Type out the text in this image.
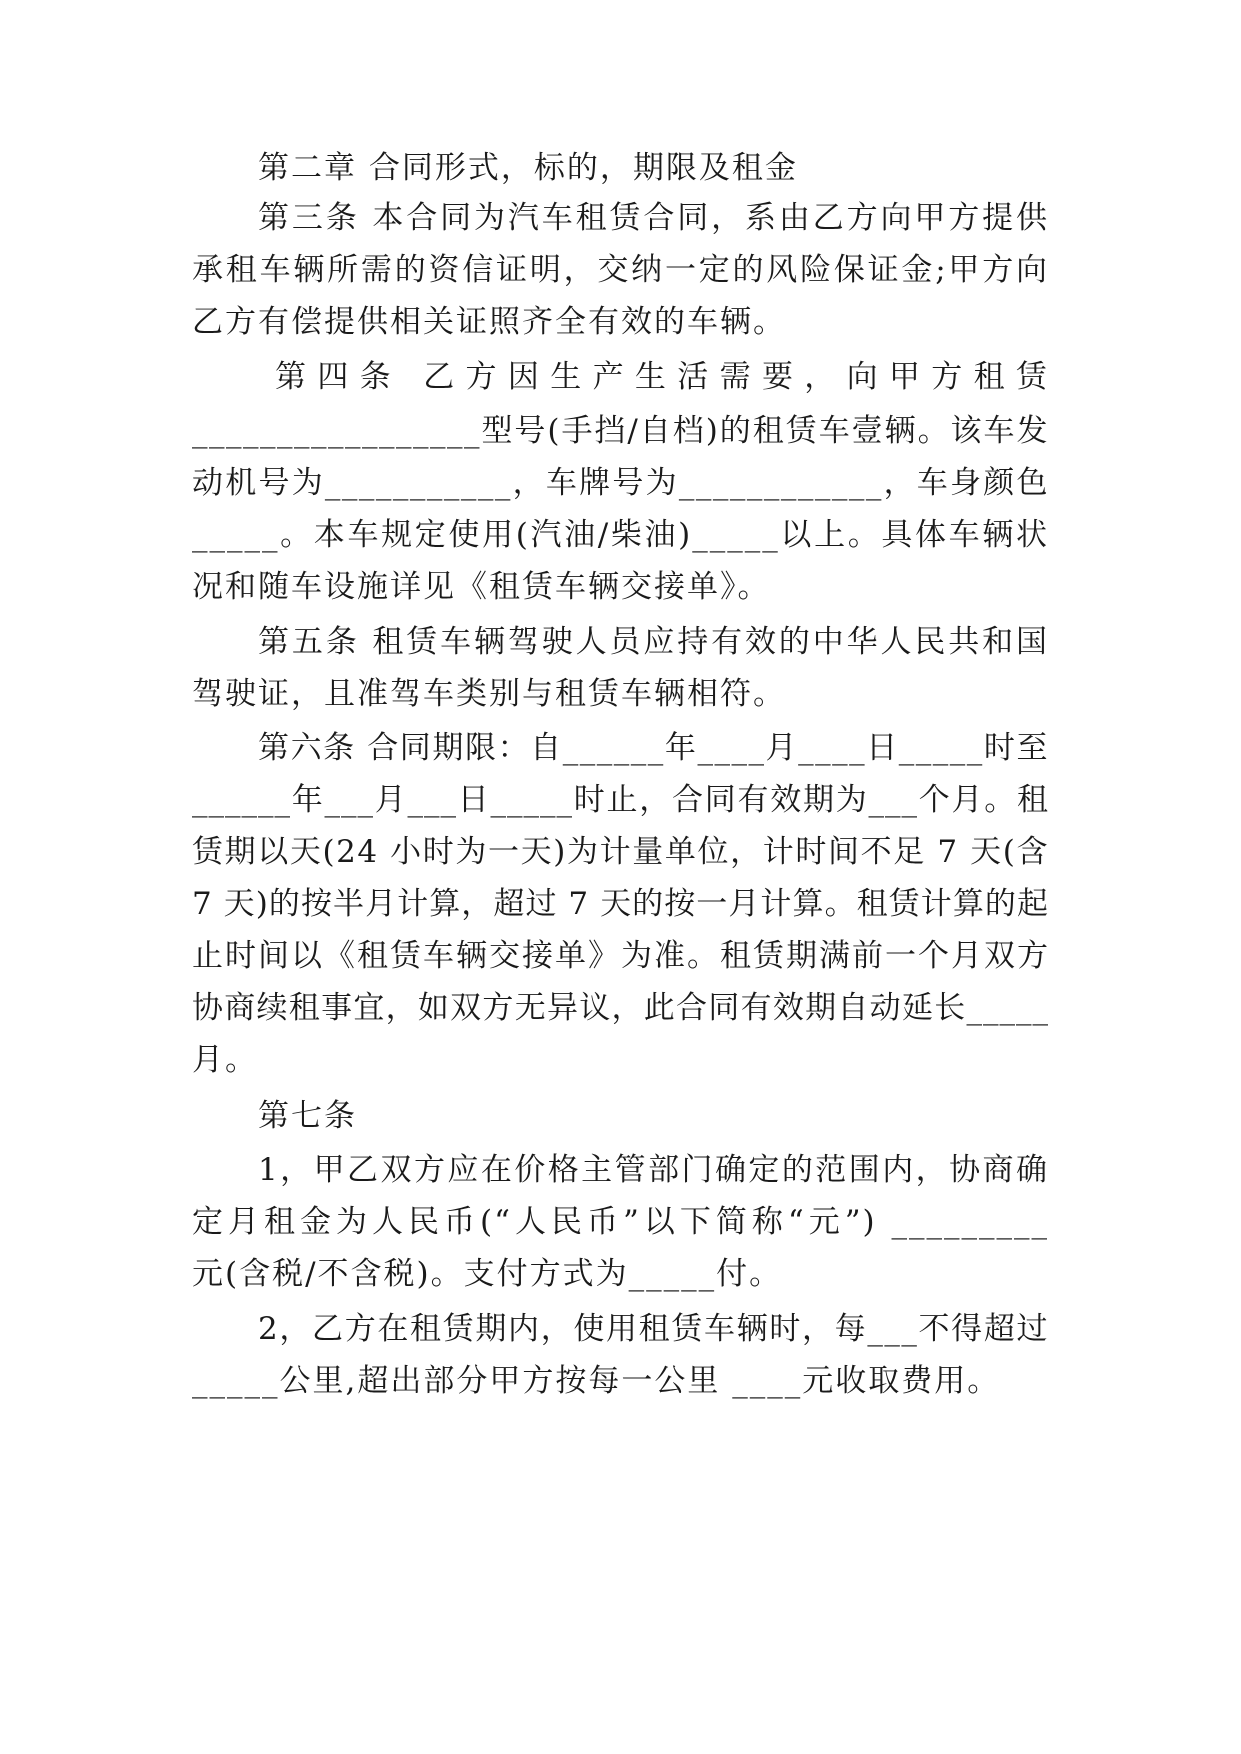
第二章 合同形式，标的，期限及租金
第三条 本合同为汽车租赁合同，系由乙方向甲方提供
承租车辆所需的资信证明，交纳一定的风险保证金;甲方向
乙方有偿提供相关证照齐全有效的车辆。
第四条 乙方因生产生活需要，向甲方租赁
_________________型号(手挡/自档)的租赁车壹辆。该车发
动机号为___________，车牌号为____________，车身颜色
_____。本车规定使用(汽油/柴油)_____以上。具体车辆状
况和随车设施详见《租赁车辆交接单》。
第五条 租赁车辆驾驶人员应持有效的中华人民共和国
驾驶证，且准驾车类别与租赁车辆相符。
第六条 合同期限：自______年____月____日_____时至
______年___月___日_____时止，合同有效期为___个月。租
赁期以天(24 小时为一天)为计量单位，计时间不足 7 天(含
7 天)的按半月计算，超过 7 天的按一月计算。租赁计算的起
止时间以《租赁车辆交接单》为准。租赁期满前一个月双方
协商续租事宜，如双方无异议，此合同有效期自动延长_____
月。
第七条
1，甲乙双方应在价格主管部门确定的范围内，协商确
定月租金为人民币(“人民币”以下简称“元”) _________
元(含税/不含税)。支付方式为_____付。
2，乙方在租赁期内，使用租赁车辆时，每___不得超过
_____公里,超出部分甲方按每一公里 ____元收取费用。
